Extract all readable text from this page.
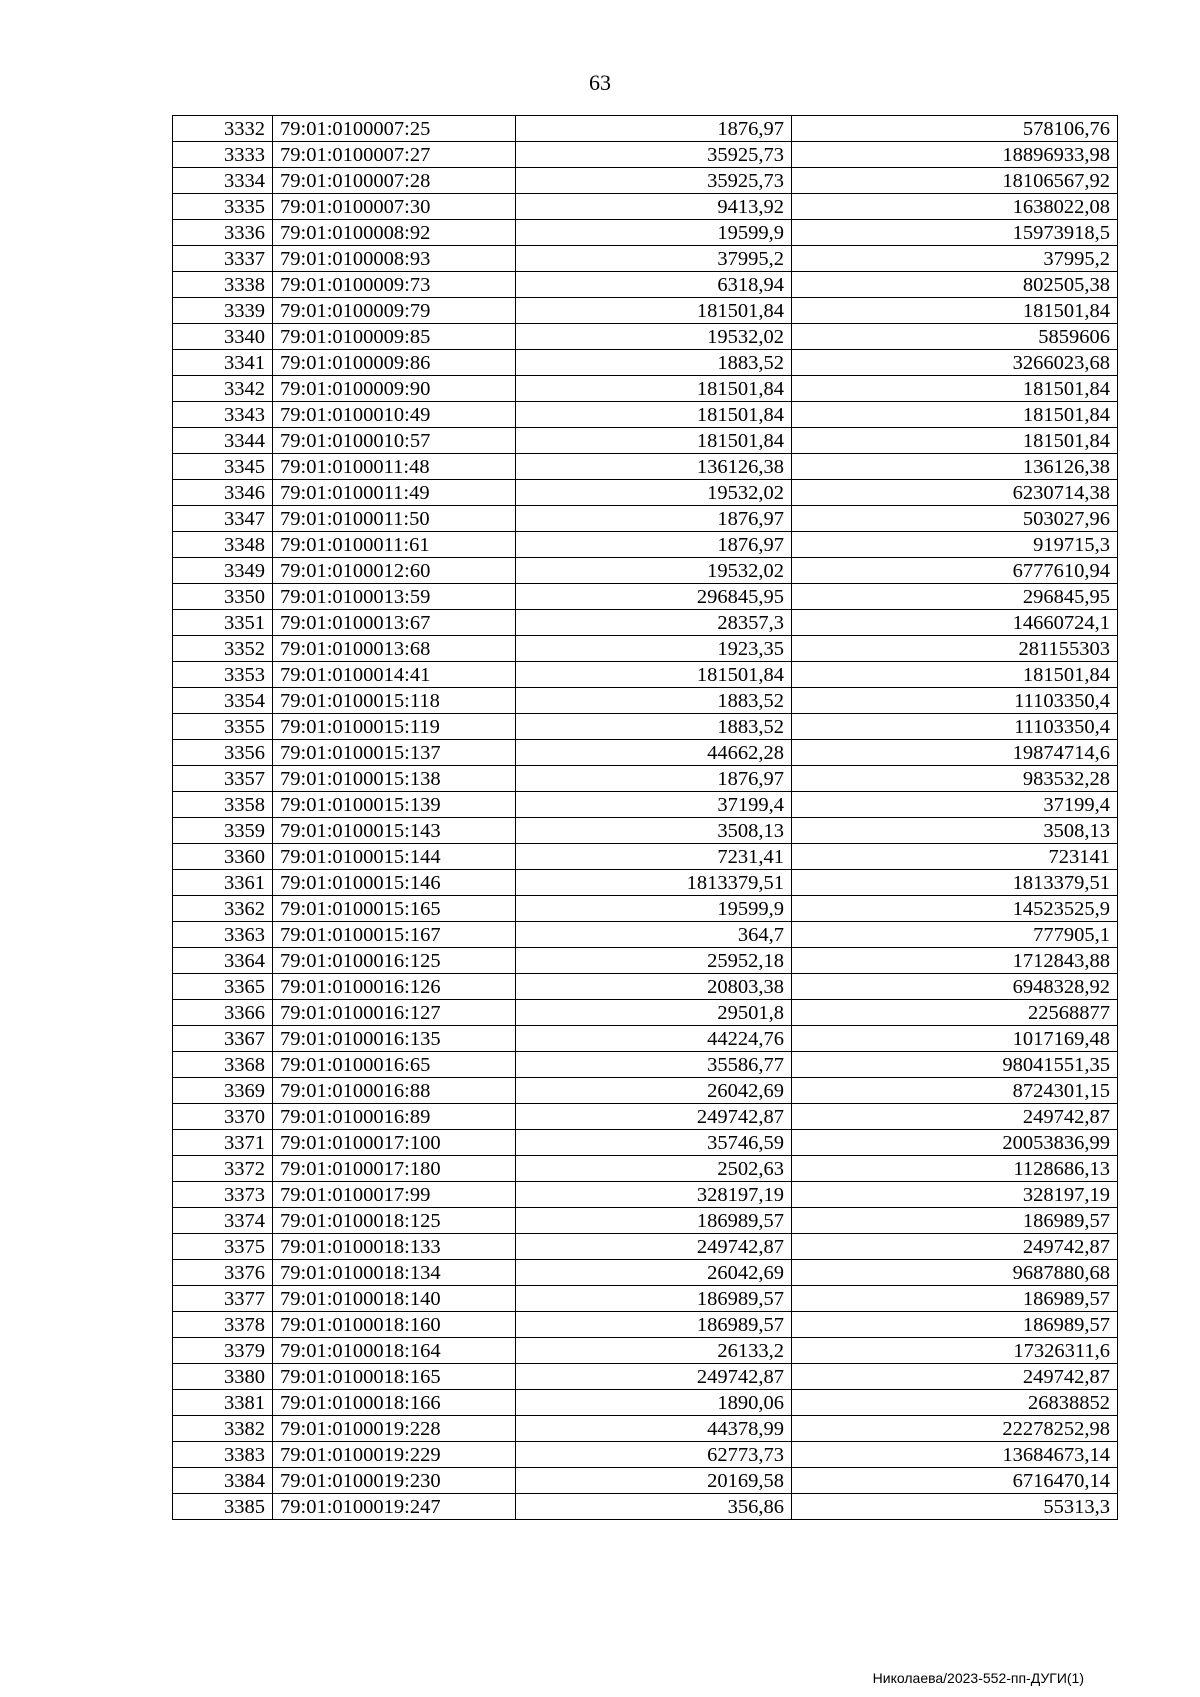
63
3332	79:01:0100007:25	1876,97	578106,76
3333	79:01:0100007:27	35925,73	18896933,98
3334	79:01:0100007:28	35925,73	18106567,92
3335	79:01:0100007:30	9413,92	1638022,08
3336	79:01:0100008:92	19599,9	15973918,5
3337	79:01:0100008:93	37995,2	37995,2
3338	79:01:0100009:73	6318,94	802505,38
3339	79:01:0100009:79	181501,84	181501,84
3340	79:01:0100009:85	19532,02	5859606
3341	79:01:0100009:86	1883,52	3266023,68
3342	79:01:0100009:90	181501,84	181501,84
3343	79:01:0100010:49	181501,84	181501,84
3344	79:01:0100010:57	181501,84	181501,84
3345	79:01:0100011:48	136126,38	136126,38
3346	79:01:0100011:49	19532,02	6230714,38
3347	79:01:0100011:50	1876,97	503027,96
3348	79:01:0100011:61	1876,97	919715,3
3349	79:01:0100012:60	19532,02	6777610,94
3350	79:01:0100013:59	296845,95	296845,95
3351	79:01:0100013:67	28357,3	14660724,1
3352	79:01:0100013:68	1923,35	281155303
3353	79:01:0100014:41	181501,84	181501,84
3354	79:01:0100015:118	1883,52	11103350,4
3355	79:01:0100015:119	1883,52	11103350,4
3356	79:01:0100015:137	44662,28	19874714,6
3357	79:01:0100015:138	1876,97	983532,28
3358	79:01:0100015:139	37199,4	37199,4
3359	79:01:0100015:143	3508,13	3508,13
3360	79:01:0100015:144	7231,41	723141
3361	79:01:0100015:146	1813379,51	1813379,51
3362	79:01:0100015:165	19599,9	14523525,9
3363	79:01:0100015:167	364,7	777905,1
3364	79:01:0100016:125	25952,18	1712843,88
3365	79:01:0100016:126	20803,38	6948328,92
3366	79:01:0100016:127	29501,8	22568877
3367	79:01:0100016:135	44224,76	1017169,48
3368	79:01:0100016:65	35586,77	98041551,35
3369	79:01:0100016:88	26042,69	8724301,15
3370	79:01:0100016:89	249742,87	249742,87
3371	79:01:0100017:100	35746,59	20053836,99
3372	79:01:0100017:180	2502,63	1128686,13
3373	79:01:0100017:99	328197,19	328197,19
3374	79:01:0100018:125	186989,57	186989,57
3375	79:01:0100018:133	249742,87	249742,87
3376	79:01:0100018:134	26042,69	9687880,68
3377	79:01:0100018:140	186989,57	186989,57
3378	79:01:0100018:160	186989,57	186989,57
3379	79:01:0100018:164	26133,2	17326311,6
3380	79:01:0100018:165	249742,87	249742,87
3381	79:01:0100018:166	1890,06	26838852
3382	79:01:0100019:228	44378,99	22278252,98
3383	79:01:0100019:229	62773,73	13684673,14
3384	79:01:0100019:230	20169,58	6716470,14
3385	79:01:0100019:247	356,86	55313,3
Николаева/2023-552-пп-ДУГИ(1)
